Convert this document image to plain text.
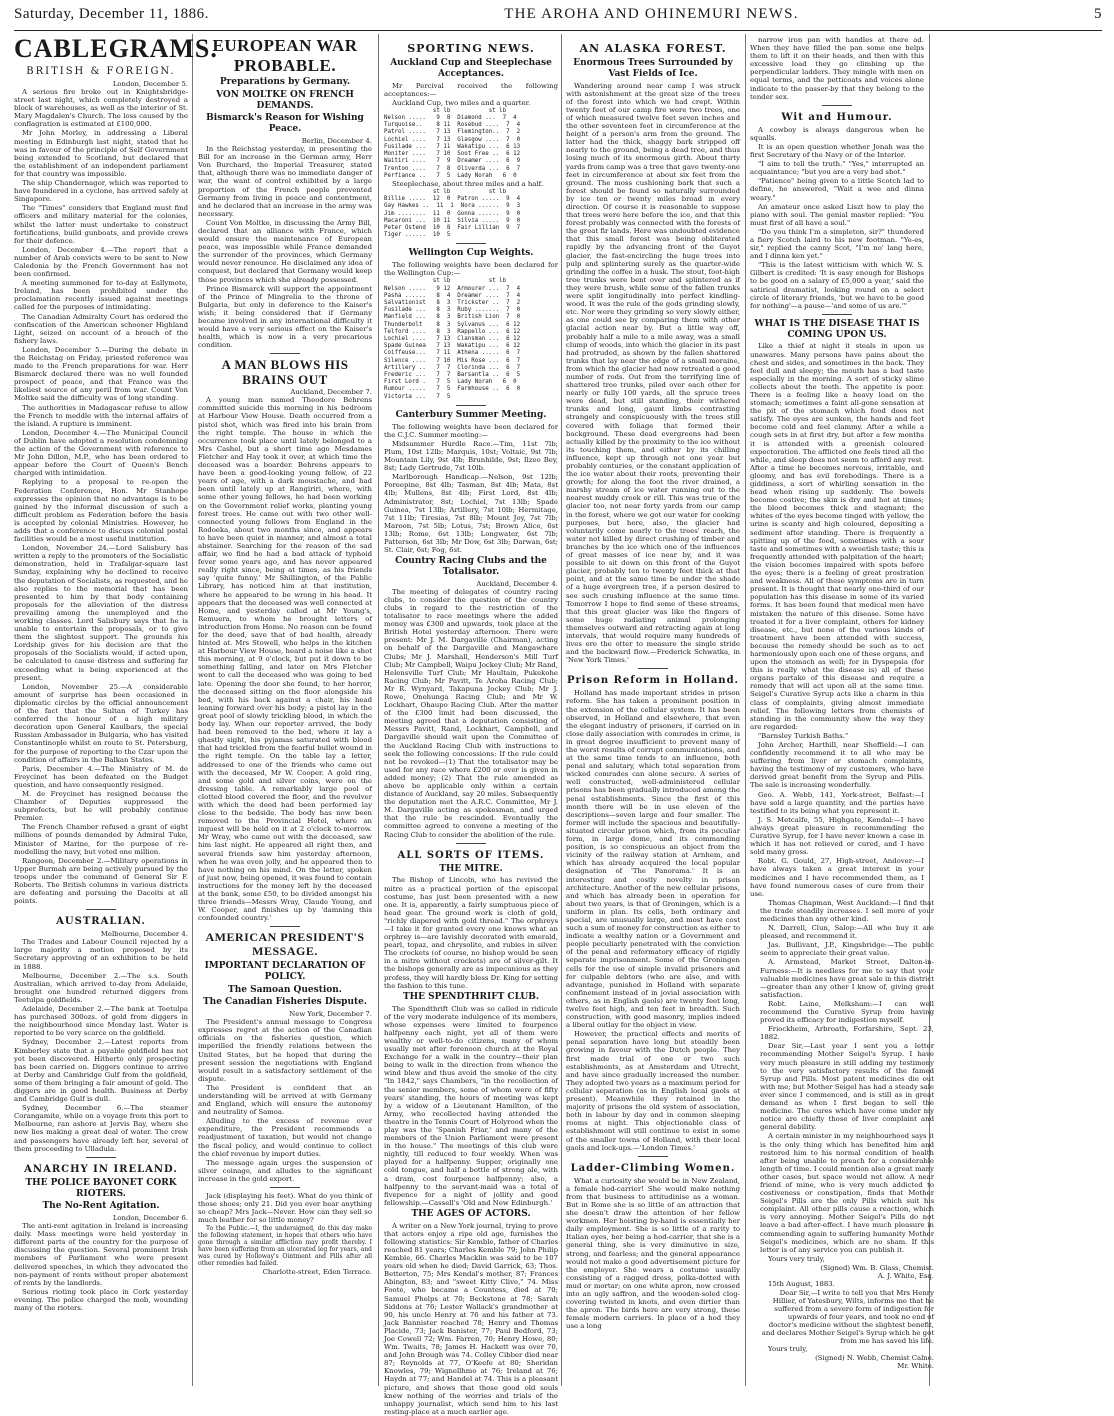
Saturday, December 11, 1886.	THE AROHA AND OHINEMURI NEWS.	5
CABLEGRAMS.
BRITISH & FOREIGN.
London, December 5.

A serious fire broke out in Knightsbridge-street last night, which completely destroyed a block of warehouses, as well as the interior of St. Mary Magdalen's Church. The loss caused by the conflagration is estimated at £100,000.

Mr John Morley, in addressing a Liberal meeting in Edinburgh last night, stated that he was in favour of the principle of Self Government being extended to Scotland, but declared that the establishment of an independent parliament for that country was impossible.

The ship Chandernagor, which was reported to have foundered in a cyclone, has arrived safely at Singapore.

The "Times" considers that England must find officers and military material for the colonies, whilst the latter must undertake to construct fortifications, build gunboats, and provide crews for their defence.

London, December 4.—The report that a number of Arab convicts were to be sent to New Caledonia by the French Government has not been confirmed.

A meeting summoned for to-day at Eallymote, Ireland, has been prohibited under the proclamation recently issued against meetings called for the purposes of intimidating.

The Canadian Admiralty Court has ordered the confiscation of the American schooner Highland Light, seized on account of a breach of the fishery laws.

London, December 5.—During the debate in the Reichstag on Friday, priested reference was made to the French preparations for war. Herr Bismarck declared there was no well founded prospect of peace, and that France was the likeliest source of any peril from war. Count Von Moltke said the difficulty was of long standing.

The authorities in Madagascar refuse to allow the French to meddle with the internal affairs of the island. A rupture is imminent.

London, December 4.—The Municipal Council of Dublin have adopted a resolution condemning the action of the Government with reference to Mr John Dillon, M.P., who has been ordered to appear before the Court of Queen's Bench charged with intimidation.

Replying to a proposal to re-open the Federation Conference, Hon. Mr Stanhope expresses the opinion that no advantage is to be gained by the informal discussion of such a difficult problem as Federation before the basis is accepted by colonial Ministries. However, he adds that a conference to discuss colonial postal facilities would be a most useful institution.

London, November 24.—Lord Salisbury has written a reply to the promoters of the Socialistic demonstration, held in Trafalgar-square last Sunday, explaining why he declined to receive the deputation of Socialists, as requested, and he also replies to the memorial that has been presented to him by that body containing proposals for the alleviation of the distress prevailing among the unemployed and the working classes. Lord Salisbury says that he is unable to entertain the proposals, or to give them the slightest support. The grounds his Lordship gives for his decision are that the proposals of the Socialists would, if acted upon, be calculated to cause distress and suffering far exceeding what is being experienced at the present.

London, November 25.—A considerable amount of surprise has been occasioned in diplomatic circles by the official announcement of the fact that the Sultan of Turkey has conferred the honour of a high military decoration upon General Kaulbars, the special Russian Ambassador in Bulgaria, who has visited Constantinople whilst en route to St. Petersburg, for the purpose of reporting to the Czar upon the condition of affairs in the Balkan States.

Paris, December 4.—The Ministry of M. de Freycinet has been defeated on the Budget question, and have consequently resigned.

M. de Freycinet has resigned because the Chamber of Deputies suppressed the subprefects, but he will probably continue Premier.

The French Chamber refused a grant of eight millions of pounds demanded by Admiral Tuke, Minister of Marine, for the purpose of re-modelling the navy, but voted one million.

Rangoon, December 2.—Military operations in Upper Burmah are being actively pursued by the troops under the command of General Sir F. Roberts. The British columns in various districts are defeating and pursuing the Dacoits at all points.

AUSTRALIAN.
Melbourne, December 4.

The Trades and Labour Council rejected by a large majority a motion proposed by its Secretary approving of an exhibition to be held in 1888.

Melbourne, December 2.—The s.s. South Australian, which arrived to-day from Adelaide, brought one hundred returned diggers from Teetulpa goldfields.

Adelaide, December 2.—The bank at Teetulpa has purchased 300ozs. of gold from diggers in the neighbourhood since Monday last. Water is reported to be very scarce on the goldfield.

Sydney, December 2.—Latest reports from Kimberley state that a payable goldfield has not yet been discovered. Hitherto only prospecting has been carried on. Diggers continue to arrive at Derby and Cambridge Gulf from the goldfield, some of them bringing a fair amount of gold. The diggers are in good health. Business at Derby and Cambridge Gulf is dull.

Sydney, December 6.—The steamer Corangamite, while on a voyage from this port to Melbourne, ran ashore at Jervis Bay, where she now lies making a great deal of water. The crew and passengers have already left her, several of them proceeding to Ulladula.

ANARCHY IN IRELAND.
THE POLICE BAYONET CORK RIOTERS.
The No-Rent Agitation.
London, December 6.

The anti-rent agitation in Ireland is increasing daily. Mass meetings were held yesterday in different parts of the country for the purpose of discussing the question. Several prominent Irish members of Parliament who were present delivered speeches, in which they advocated the non-payment of rents without proper abatement of rents by the landlords.

Serious rioting took place in Cork yesterday evening. The police charged the mob, wounding many of the rioters.

EUROPEAN WAR PROBABLE.
Preparations by Germany.
VON MOLTKE ON FRENCH DEMANDS.
Bismarck's Reason for Wishing Peace.
Berlin, December 4.

In the Reichstag yesterday, in presenting the Bill for an increase in the German army, Herr Von Burchard, the Imperial Treasurer, stated that, although there was no immediate danger of war, the want of control exhibited by a large proportion of the French people prevented Germany from living in peace and contentment, and he declared that an increase in the army was necessary.

Count Von Moltke, in discussing the Army Bill, declared that an alliance with France, which would ensure the maintenance of European peace, was impossible while France demanded the surrender of the provinces, which Germany would never renounce. He disclaimed any idea of conquest, but declared that Germany would keep those provinces which she already possessed.

Prince Bismarck will support the appointment of the Prince of Mingrelia to the throne of Bulgaria, but only in deference to the Kaiser's wish; it being considered that if Germany became involved in any international difficulty it would have a very serious effect on the Kaiser's health, which is now in a very precarious condition.

A MAN BLOWS HIS BRAINS OUT
Auckland, December 7.

A young man named Theodore Behrens committed suicide this morning in his bedroom at Harbour View House. Death occurred from a pistol shot, which was fired into his brain from the right temple. The house in which the occurrence took place until lately belonged to a Mrs Cashel, but a short time ago Mesdames Fletcher and Hay took it over, at which time the deceased was a boarder. Behrens appears to have been a good-looking young fellow, of 22 years of age, with a dark moustache, and had been until lately up at Rangiriri, where, with some other young fellows, he had been working on the Government relief works, planting young forest trees. He came out with two other well-connected young fellows from England in the Rodoeka, about two months since, and appears to have been quiet in manner, and almost a total abstainer. Searching for the reason of the sad affair, we find he had a bad attack of typhoid fever some years ago, and has never appeared really right since, being at times, as his friends say 'quite funny.' Mr Shillington, of the Public Library, has noticed him at that institution, where he appeared to be wrong in his head. It appears that the deceased was well connected at Home, and yesterday called at Mr Young's, Remuera, to whom he brought letters of introduction from Home. No reason can be found for the deed, save that of bad health, already hinted at. Mrs Stowell, who helps in the kitchen at Harbour View House, heard a noise like a shot this morning, at 9 o'clock, but put it down to be something falling, and later on Mrs Fletcher went to call the deceased who was going to bed late. Opening the door she found, to her horror, the deceased sitting on the floor alongside his bed, with his back against a chair, his head leaning forward over his body; a pistol lay in the great pool of slowly trickling blood, in which the body lay. When our reporter arrived, the body had been removed to the bed, where it lay a ghastly sight, his pyjamas saturated with blood that had trickled from the fearful bullet wound in the right temple. On the table lay a letter, addressed to one of the friends who came out with the deceased, Mr W. Cooper. A gold ring, and some gold and silver coins, were on the dressing table. A remarkably large pool of clotted blood covered the floor, and the revolver with which the deed had been performed lay close to the bedside. The body has now been removed to the Provincial Hotel, where an inquest will be held on it at 2 o'clock to-morrow. Mr Wray, who came out with the deceased, saw him last night. He appeared all right then, and several friends saw him yesterday afternoon, when he was even jolly, and he appeared then to have nothing on his mind. On the letter, spoken of just now, being opened, it was found to contain instructions for the money left by the deceased at the bank, some £50, to be divided amongst his three friends—Messrs Wray, Claude Young, and W. Cooper, and finishes up by 'damning this confounded country.'

AMERICAN PRESIDENT'S MESSAGE.
IMPORTANT DECLARATION OF POLICY.
The Samoan Question.
The Canadian Fisheries Dispute.
New York, December 7.

The President's annual message to Congress expresses regret at the action of the Canadian officials on the fisheries question, which imperilled the friendly relations between the United States, but he hoped that during the present session the negotiations with England would result in a satisfactory settlement of the dispute.

The President is confident that an understanding will be arrived at with Germany and England, which will ensure the autonomy and neutrality of Samoa.

Alluding to the excess of revenue over expenditure, the President recommends a readjustment of taxation, but would not change the fiscal policy, and would continue to collect the chief revenue by import duties.

The message again urges the suspension of silver coinage, and alludes to the significant increase in the gold export.

Jack (displaying his feet). What do you think of those shoes; only 21. Did you ever hear anything so cheap? Mrs Jack—Never. How can they sell so much leather for so little money?

To the Public.—I, the undersigned, do this day make the following statement, in hopes that others who have gone through a similar affliction may profit thereby. I have been suffering from an ulcerated leg for years, and was cured by Holloway's Ointment and Pills after all other remedies had failed.

Charlotte-street, Eden Terrace.
SPORTING NEWS.
Auckland Cup and Steeplechase Acceptances.

Mr Percival received the following acceptances:—

Auckland Cup, two miles and a quarter.

st lb           st lb
Nelson .....   9  8  Diamond ...  7  4
Turquoise..    8 11  Rosebud ....  7  4
Patrol .....   7 13  Flemington..  7  2
Lochiel ....   7 13  Glasgow ....  7  0
Fusilade ...   7 11  Wakatipu ...  6 13
Moniter ....   7 10  Soot Free ..  6 12
Waitiri ....   7  9  Dreamer ....  6  9
Trenton ....   7  8  Oliverda ...  6  7
Perfiance ..   7  5  Lady Norah   6  0

Steeplechase, about three miles and a half.

st lb           st lb
Billie .....  12  0  Patron .....  9  4
Gay Hawkes ..  11  1  Nora ......  9  3
Jim ........  11  0  Gonna ......  9  0
Macaroni ...  10 11  Silvia .....  9  0
Peter Ostend  10  8  Fair Lillian  9  7
Tiger ......  10  5
Wellington Cup Weights.

The following weights have been declared for the Wellington Cup:—

st lb           st lb
Nelson .....   9 12  Armourer ...  7  4
Pasha ......   8  4  Dreamer ....  7  4
Salvationist   8  3  Trickster ..  7  2
Fusilade ...   8  3  Ruby .......  7  0
Manfield ...   8  3  British Lion  7  0
Thunderbolt    8  3  Sylvanus ...  6 12
Telford ....   8  3  Rappello ...  6 12
Lochiel ....   7 13  Clansman ...  6 12
Spade Guinea   7 13  Wakatipu ...  6 12
Coiffeuse...   7 11  Athena .....  6  7
Silence ....   7 10  Mis Rose ...  6  7
Artillery ..   7  7  Clorinda ...  6  7
Frederic ...   7  7  Barsantla ..  6  5
First Lord .   7  5  Lady Norah   6  0
Rumour .....   7  5  Farmhouse ..  6  0
Victoria ...   7  5
Canterbury Summer Meeting.

The following weights have been declared for the C.J.C. Summer meeting:—

Midsummer Hurdle Race.—Tim, 11st 7lb; Plum, 10st 12lb; Marquis, 10st; Voltaic, 9st 7lb; Mountain Lily, 9st 4lb; Brunhilde, 9st; Ilzeo Bey, 8st; Lady Gertrude, 7st 10lb.

Marlborough Handicap.—Nelson, 9st 12lb; Poreepine, 8st 4lb; Tasman, 8st 4lb; Mata, 8st 4lb; Mullens, 8st 4lb; First Lord, 8st 4lb; Administrator, 8st; Lochiel, 7st 13lb; Spade Guinea, 7st 13lb; Artillery, 7st 10lb; Hermitage, 7st 11lb; Tiresias, 7st 8lb; Mount Joy, 7st 7lb; Maroon, 7st 5lb; Lotus, 7st; Brown Alice, 6st 13lb; Rome, 6st 13lb; Longwater, 6st 7lb; Patterson, 6st 3lb; Mr Dow, 6st 3lb; Darwan, 6st; St. Clair, 6st; Fog, 6st.

Country Racing Clubs and the Totalisator.
Auckland, December 4.

The meeting of delegates of country racing clubs, to consider the question of the country clubs in regard to the restriction of the totalisator to race meetings where the added money was £300 and upwards, took place at the British Hotel yesterday afternoon. There were present: Mr J. M. Dargaville (Chairman), acting on behalf of the Dargaville and Mangawhare Clubs; Mr J. Marshall, Henderson's Mill Turf Club; Mr Campbell, Waipu Jockey Club; Mr Rand, Helensville Turf Club; Mr Haultain, Pukekohe Racing Club; Mr Pavitt, Te Aroha Racing Club; Mr R. Wynyard, Takapuna Jockey Club; Mr J. Rowe, Onehunga Racing Club; and Mr W. Lockhart, Ohaupo Racing Club. After the matter of the £300 limit had been discussed, the meeting agreed that a deputation consisting of Messrs Pavitt, Rand, Lockhart, Campbell, and Dargaville should wait upon the Committee of the Auckland Racing Club with instructions to seek the following concessions: If the rule could not be revoked—(1) That the totalisator may be used for any race where £200 or over is given in added money; (2) That the rule amended as above be applicable only within a certain distance of Auckland, say 20 miles. Subsequently the deputation met the A.R.C. Committee, Mr J. M. Dargaville acting as spokesman, and urged that the rule be rescinded. Eventually the committee agreed to convene a meeting of the Racing Club to consider the abolition of the rule.

ALL SORTS OF ITEMS.
THE MITRE.

The Bishop of Lincoln, who has revived the mitre as a practical portion of the episcopal costume, has just been presented with a new one. It is, apparently, a fairly sumptuous piece of head gear. The ground work is cloth of gold, "richly diapered with gold thread." The orphreys—I take it for granted every one knows what an orphrey is—are lavishly decorated with emerald, pearl, topaz, and chrysolite, and rubies in silver. The crockets (of course, no bishop would be seen in a mitre without crockets) are of silver-gilt. It the bishops generally are as impecunious as they profess, they will hardly bless Dr. King for setting the fashion to this tune.

THE SPENDTHRIFT CLUB.

The Spendthrift Club was so called in ridicule of the very moderate indulgence of its members, whose expenses were limited to fourpence halfpenny each night, yet all of them were wealthy or well-to-do citizens, many of whom usually met after forenoon church at the Royal Exchange for a walk in the country—their plan being to walk in the direction from whence the wind blew and thus avoid the smoke of the city. "In 1842," says Chambers, "in the recollection of the senior members, some of whom were of fifty years' standing, the hours of meeting was kept by a widow of a Lieutenant Hamilton, of the Army, who recollected having attended the theatre in the Tennis Court of Holyrood when the play was the 'Spanish Friar,' and many of the members of the Union Parliament were present in the house." The meetings of this club were nightly, till reduced to four weekly. When was played for a halfpenny. Supper, originally one cold tongue, and half a bottle of strong ale, with a dram, cost fourpence halfpenny; also, a halfpenny to the servant-maid was a total of fivepence for a night of jollity and good fellowship.—Cassell's 'Old and New Edinburgh.'

THE AGES OF ACTORS.

A writer on a New York journal, trying to prove that actors enjoy a ripe old age, furnishes the following statistics: Sir Kemble, father of Charles reached 81 years; Charles Kemble 79; John Philip Kemble, 66. Charles Macklin was said to be 107 years old when he died; David Garrick, 63; Thos. Betterton, 75; Mrs Kendal's mother, 87; Frances Abington, 83; and "sweet Kitty Clive," 74. Miss Foote, who became a Countess, died at 70; Samuel Phelps at 70; Beckstone at 78; Sarah Siddons at 76; Lester Wallack's grandmother at 90, his uncle Henry at 76 and his father at 73. Jack Bannister reached 78; Henry and Thomas Placide, 73; Jack Banister, 77; Paul Bedford, 73; Joe Cowell 72; Wm. Farren, 70; Henry Howe, 80; Wm. Twaits, 78; James H. Hackett was over 70, and John Brough was 74. Colley Cibber died near 87; Reynolds at 77, O'Keefe at 80; Sheridan Knowles, 79; Wignellhmo at 76; Ireland at 76; Haydn at 77; and Handel at 74. This is a pleasant picture, and shows that those good old souls knew nothing of the worries and trials of the unhappy journalist, which send him to his last resting-place at a much earlier age.

AN ALASKA FOREST.
Enormous Trees Surrounded by Vast Fields of Ice.

Wandering around near camp I was struck with astonishment at the great size of the trees of the forest into which we had crept. Within twenty feet of our camp fire were two trees, one of which measured twelve feet seven inches and the other seventeen feet in circumference at the height of a person's arm from the ground. The latter had the thick, shaggy bark stripped off nearly to the ground, being a dead tree, and thus losing much of its enormous girth. About thirty yards from camp was a tree that gave twenty-one feet in circumference at about six feet from the ground. The moss cushioning bark that such a forest should be found so naturally surrounded by ice ten or twenty miles broad in every direction. Of course it is reasonable to suppose that trees were here before the ice, and that this forest probably was connected with the forests of the great fir lands. Here was undoubted evidence that this small forest was being obliterated rapidly by the advancing front of the Guyot glacier, the fast-encircling the huge trees into pulp and splintering surely as the quarter-wide grinding the coffee in a husk. The stout, foot-high tree trunks were bent over and splintered as if they were brush, while some of the fallen trunks were split longitudinally into perfect kindling-wood. It was the rule of the gods grinding slowly, etc. Nor were they grinding so very slowly either, as one could see by comparing them with other glacial action near by. But a little way off, probably half a mile to a mile away, was a small clump of woods, into which the glacier in its past had protruded, as shown by the fallen shattered trunks that lay near the edge of a small moraine, from which the glacier had now retreated a good number of rods. Out from the terrifying line of shattered tree trunks, piled over each other for nearly or fully 100 yards, all the spruce trees were dead, but still standing, their withered trunks and long, gaunt limbs contrasting strangely and conspicuously with the trees still covered with foliage that formed their background. These dead evergreens had been actually killed by the proximity to the ice without its touching them, and either by its chilling influence, kept up through not one year but probably centuries, or the constant application of the ice water about their roots, preventing their growth; for along the foot the river drained, a marshy stream of ice water running out to the nearest muddy creek or rill. This was true of the glacier too, not near forty yards from our camp in the forest, where we got our water for cooking purposes, but here, also, the glacier had voluntarily come nearly to the trees' reach, the water not killed by direct crushing of timber and branches by the ice which one of the influences of great masses of ice near by, and it was possible to sit down on this front of the Guyot glacier, probably ten to twenty feet thick at that point, and at the same time be under the shade of a huge evergreen tree, if a person desired to see such crushing influence at the same time. Tomorrow I hope to find some of these streams, that this great glacier was like the fingers of some huge radiating animal prolonging themselves outward and retracting again at long intervals, that would require many hundreds of lives ere the otter to measure the single stride and the backward flow.—Frederick Schwatka, in 'New York Times.'

Prison Reform in Holland.

Holland has made important strides in prison reform. She has taken a prominent position in the extension of the cellular system. It has been observed, in Holland and elsewhere, that even the elegant industry of prisoners, if carried on in close daily association with comrades in crime, is in great degree insufficient to prevent many of the worst results of corrupt communications, and at the same time tends to an influence, both penal and salutary, which total separation from wicked comrades can alone secure. A series of well constructed, well-administered cellular prisons has been gradually introduced among the penal establishments. Since the first of this month there will be in use eleven of the descriptions—seven large and four smaller. The former will include the spacious and beautifully-situated circular prison which, from its peculiar form, in large dome, and its commanding position, is so conspicuous an object from the vicinity of the railway station at Arnhem, and which has already acquired the local popular designation of 'The Panorama.' It is an interesting and costly novelty in prison architecture. Another of the new cellular prisons, and which has already been in operation for about two years, is that of Groningen, which is a uniform in plan. Its cells, both ordinary and special, are unusually large, and most have cost such a sum of money for construction as either to indicate a wealthy nation or a Government and people peculiarly penetrated with the conviction of the penal and reformatory efficacy of rigidly separate imprisonment. Some of the Groningen cells for the use of simple invalid prisoners and for culpable debtors (who are also, and with advantage, punished in Holland with separate confinement instead of in jovial association with others, as in English gaols) are twenty feet long, twelve feet high, and ten feet in breadth. Such construction, with good masonry, implies indeed a liberal outlay for the object in view.

However, the practical effects and merits of penal separation have long but steadily been growing in favour with the Dutch people. They first made trial of one or two such establishments, as at Amsterdam and Utrecht, and have since gradually increased the number. They adopted two years as a maximum period for cellular separation (as in English local gaols at present). Meanwhile they retained in the majority of prisons the old system of association, both in labour by day and in common sleeping rooms at night. This objectionable class of establishment will still continue to exist in some of the smaller towns of Holland, with their local gaols and lock-ups.—'London Times.'

Ladder-Climbing Women.

What a curiosity she would be in New Zealand, a female hod-carrier! She would make nothing from that business to attitudinise as a woman. But in Rome she is so little of an attraction that she doesn't draw the attention of her fellow workmen. Her hoisting by-hand is essentially her daily employment. She is so little of a rarity to Italian eyes, her being a hod-carrier, that she is a general thing, she is very diminutive in size, strong, and fearless; and the general appearance would not make a good advertisement picture for the employer. She wears a costume usually consisting of a ragged dress, polka-dotted with mud or mortar; on one white apron, now crossed into an ugly saffron, and the wooden-soled clog-covering twisted in knots, and even dirtier than the apron. The birds here are very strong, these female modern carriers. In place of a hod they use a long

narrow iron pan with handles at there ad. When they have filled the pan some one helps them to lift it on their heads, and then with this excessive load they go climbing up the perpendicular ladders. They mingle with men on equal terms, and the petticoats and voices alone indicate to the passer-by that they belong to the tender sex.

Wit and Humour.

A cowboy is always dangerous when he squalls.

It is an open question whether Jonah was the first Secretary of the Navy or of the Interior.

"I aim to tell the truth." "Yes," interrupted an acquaintance; "but you are a very bad shot."

"Patience" being given to a little Scotch lad to define, he answered, "Wait a wee and dinna weary."

An amateur once asked Liszt how to play the piano with soul. The genial master replied: "You must first of all have a soul."

"Do you think I'm a simpleton, sir?" thundered a fiery Scotch laird to his new footman. "Ye-es, sir," replied the canny Scot, "I'm no' lang here, and I dinna ken yet."

"This is the latest witticism with which W. S. Gilbert is credited: 'It is easy enough for Bishops to be good on a salary of £5,000 a year,' said the satirical dramatist, looking round on a select circle of literary friends, 'but we have to be good for nothing'—a pause—'and some of us are.'"

WHAT IS THE DISEASE THAT IS COMING UPON US.

Like a thief at night it steals in upon us unawares. Many persons have pains about the chest and sides, and sometimes in the back. They feel dull and sleepy; the mouth has a bad taste especially in the morning. A sort of sticky slime collects about the teeth. The appetite is poor. There is a feeling like a heavy load on the stomach; sometimes a faint all-gone sensation at the pit of the stomach which food does not satisfy. The eyes are sunken, the hands and feet become cold and feel clammy. After a while a cough sets in at first dry, but after a few months it is attended with a greenish coloured expectoration. The afflicted one feels tired all the while, and sleep does not seem to afford any rest. After a time he becomes nervous, irritable, and gloomy, and has evil forebodings. There is a giddiness, a sort of whirling sensation in the head when rising up suddenly. The bowels become costive; the skin is dry and hot at times; the blood becomes thick and stagnant; the whites of the eyes become tinged with yellow, the urine is scanty and high coloured, depositing a sediment after standing. There is frequently a spitting up of the food, sometimes with a sour taste and sometimes with a sweetish taste; this is frequently attended with palpitation of the heart; the vision becomes impaired with spots before the eyes; there is a feeling of great prostration and weakness. All of these symptoms are in turn present. It is thought that nearly one-third of our population has this disease in some of its varied forms. It has been found that medical men have mistaken the nature of this disease. Some have treated it for a liver complaint, others for kidney disease, etc., but none of the various kinds of treatment have been attended with success, because the remedy should be such as to act harmoniously upon each one of these organs, and upon the stomach as well; for in Dyspepsia (for this is really what the disease is) all of these organs partake of this disease and require a remedy that will act upon all at the same time. Seigel's Curative Syrup acts like a charm in this class of complaints, giving almost immediate relief. The following letters from chemists of standing in the community show the way they are regarded:

"Barnsley Turkish Baths."

John Archer, Harthill, near Sheffield:—I can confidently recommend it to all who may be suffering from liver or stomach complaints, having the testimony of my customers, who have derived great benefit from the Syrup and Pills. The sale is increasing wonderfully.

Geo. A. Webb, 141, York-street, Belfast:—I have sold a large quantity, and the parties have testified to its being what you represent it.

J. S. Metcalfe, 55, Highgate, Kendal:—I have always great pleasure in recommending the Curative Syrup, for I have never known a case in which it has not relieved or cured, and I have sold many gross.

Robt. G. Gould, 27, High-street, Andover:—I have always taken a great interest in your medicines and I have recommended them, as I have found numerous cases of cure from their use.

Thomas Chapman, West Auckland:—I find that the trade steadily increases. I sell more of your medicines than any other kind.

N. Darrell, Clun, Salop:—All who buy it are pleased, and recommend it.

Jas. Bullivant, J.P., Kingsbridge:—The public seem to appreciate their great value.

A. Armstead, Market Street, Dalton-in-Furness:—It is needless for me to say that your valuable medicines have great sale in this district—greater than any other I know of, giving great satisfaction.

Robt. Laine, Melksham:—I can well recommend the Curative Syrup from having proved its efficacy for indigestion myself.

Friockheim, Arbroath, Forfarshire, Sept. 23, 1882.

Dear Sir,—Last year I sent you a letter recommending Mother Seigel's Syrup. I have very much pleasure in still adding my testimony to the very satisfactory results of the famed Syrup and Pills. Most patent medicines die out with me; but Mother Seigel has had a steady sale ever since I commenced, and is still as in great demand as when I first began to sell the medicine. The cures which have come under my notice are chiefly those of liver complaint and general debility.

A certain minister in my neighbourhood says it is the only thing which has benefited him and restored him to his normal condition of health after being unable to preach for a considerable length of time. I could mention also a great many other cases, but space would not allow. A near friend of mine, who is very much addicted to costiveness or constipation, finds that Mother Seigel's Pills are the only Pills which suit his complaint. All other pills cause a reaction, which is very annoying. Mother Seigel's Pills do not leave a bad after-effect. I have much pleasure in commending again to suffering humanity Mother Seigel's medicines, which are no sham. If this letter is of any service you can publish it.

Yours very truly,

(Signed) Wm. B. Glass, Chemist.
A. J. White, Esq.

15th August, 1883.

Dear Sir,—I write to tell you that Mrs Henry Hillier, of Yatesbury, Wilts, informs me that he suffered from a severe form of indigestion for upwards of four years, and took no end of doctor's medicine without the slightest benefit, and declares Mother Seigel's Syrup which he got from me has saved his life.

Yours truly,

(Signed) N. Webb, Chemist Calne.
Mr. White.
